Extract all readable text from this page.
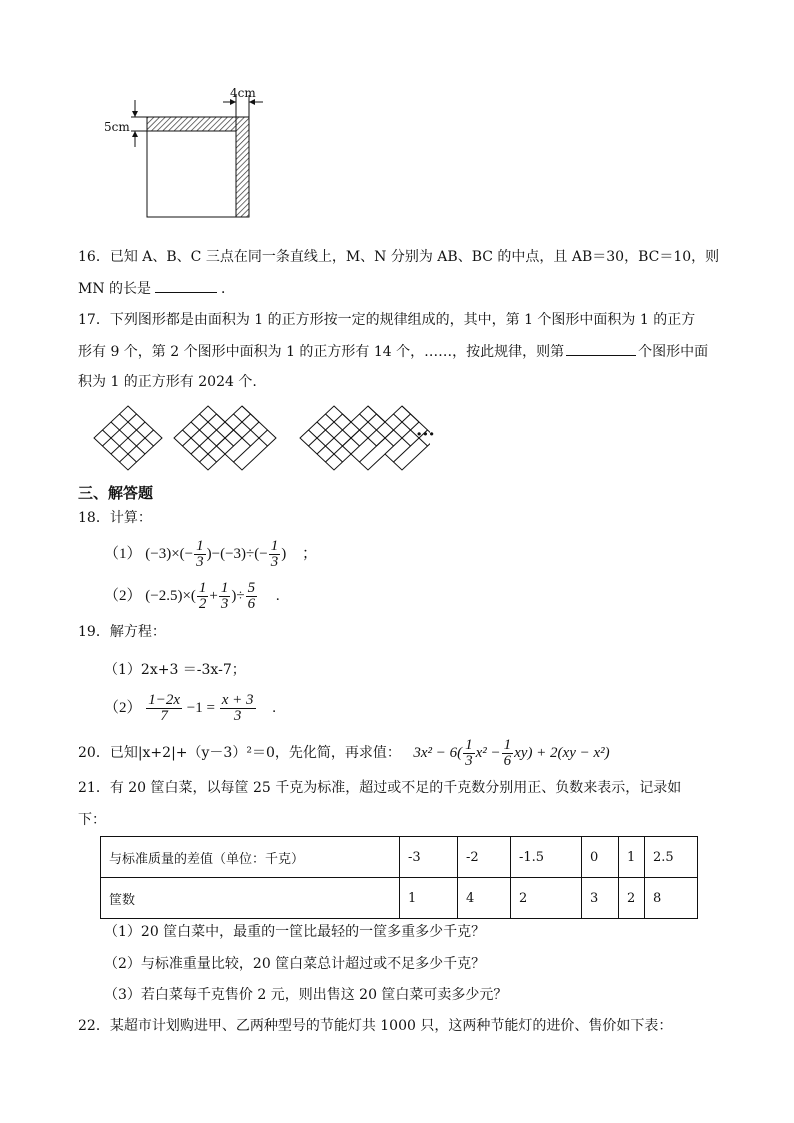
4cm
5cm
16．已知 A、B、C 三点在同一条直线上，M、N 分别为 AB、BC 的中点，且 AB＝30，BC＝10，则
MN 的长是	．
17．下列图形都是由面积为 1 的正方形按一定的规律组成的，其中，第 1 个图形中面积为 1 的正方
形有 9 个，第 2 个图形中面积为 1 的正方形有 14 个，……，按此规律，则第	个图形中面
积为 1 的正方形有 2024 个.
···
三、解答题
18．计算：
（1） $(-3)\times(- \frac{1}{3} )-(-3)\div(- \frac{1}{3}$ ) ；
（2） $(-2.5)\times( \frac{1}{2} + \frac{1}{3}$ )÷ $\frac{5}{6}$ .
19．解方程：
（1）2x+3 ＝-3x-7；
$(2) \frac{1-2x}{7} -1 = \frac{x + 3}{3}$ .
20．已知|x+2|+（y－3）²＝0，先化简，再求值： $3x^2 - 6( \frac{1}{3} x^2 - \frac{1}{6} xy) + 2(xy - x^2)$
21．有 20 筐白菜，以每筐 25 千克为标准，超过或不足的千克数分别用正、负数来表示，记录如
下：
与标准质量的差值（单位：千克）	-3	-2	-1.5	0	1	2.5
筐数	1	4	2	3	2	8
（1）20 筐白菜中，最重的一筐比最轻的一筐多重多少千克？
（2）与标准重量比较，20 筐白菜总计超过或不足多少千克？
（3）若白菜每千克售价 2 元，则出售这 20 筐白菜可卖多少元？
22．某超市计划购进甲、乙两种型号的节能灯共 1000 只，这两种节能灯的进价、售价如下表：
